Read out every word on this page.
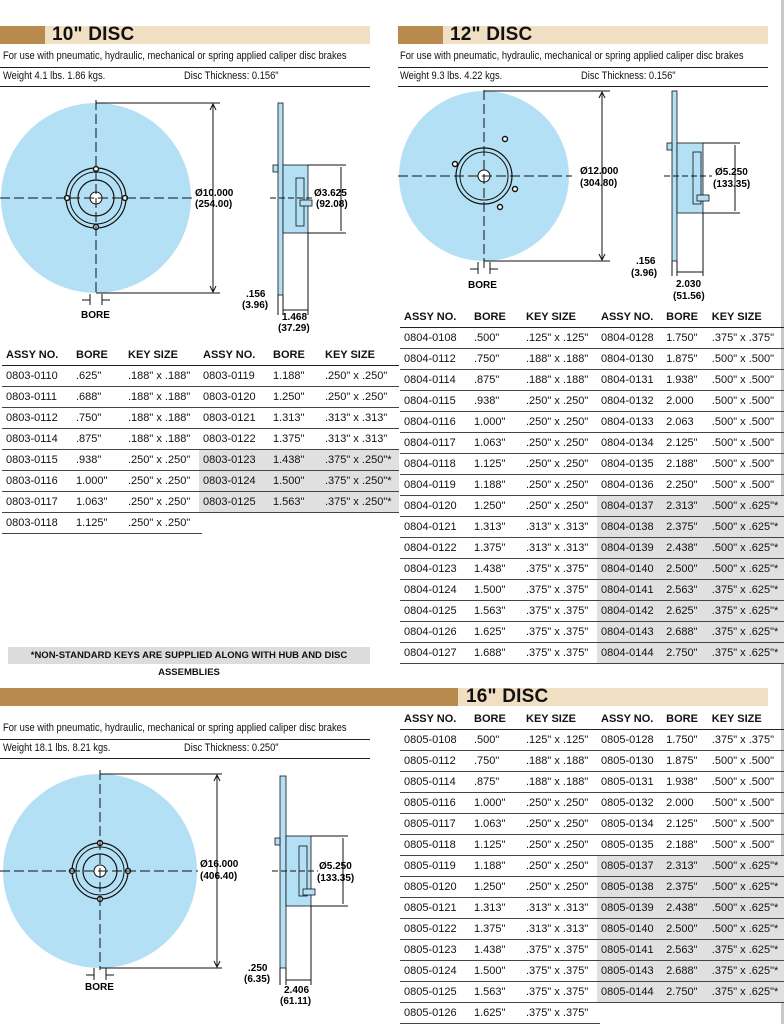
10" DISC
For use with pneumatic, hydraulic, mechanical or spring applied caliper disc brakes
Weight 4.1 lbs. 1.86 kgs.	Disc Thickness: 0.156"
Ø10.000
(254.00)
BORE
Ø3.625
(92.08)
.156
(3.96)
1.468
(37.29)
ASSY NO.	BORE	KEY SIZE
0803-0110	.625"	.188" x .188"
0803-0111	.688"	.188" x .188"
0803-0112	.750"	.188" x .188"
0803-0114	.875"	.188" x .188"
0803-0115	.938"	.250" x .250"
0803-0116	1.000"	.250" x .250"
0803-0117	1.063"	.250" x .250"
0803-0118	1.125"	.250" x .250"
ASSY NO.	BORE	KEY SIZE
0803-0119	1.188"	.250" x .250"
0803-0120	1.250"	.250" x .250"
0803-0121	1.313"	.313" x .313"
0803-0122	1.375"	.313" x .313"
0803-0123	1.438"	.375" x .250"*
0803-0124	1.500"	.375" x .250"*
0803-0125	1.563"	.375" x .250"*
*NON-STANDARD KEYS ARE SUPPLIED ALONG WITH HUB AND DISC ASSEMBLIES
12" DISC
For use with pneumatic, hydraulic, mechanical or spring applied caliper disc brakes
Weight 9.3 lbs. 4.22 kgs.	Disc Thickness: 0.156"
Ø12.000
(304.80)
BORE
Ø5.250
(133.35)
.156
(3.96)
2.030
(51.56)
ASSY NO.	BORE	KEY SIZE
0804-0108	.500"	.125" x .125"
0804-0112	.750"	.188" x .188"
0804-0114	.875"	.188" x .188"
0804-0115	.938"	.250" x .250"
0804-0116	1.000"	.250" x .250"
0804-0117	1.063"	.250" x .250"
0804-0118	1.125"	.250" x .250"
0804-0119	1.188"	.250" x .250"
0804-0120	1.250"	.250" x .250"
0804-0121	1.313"	.313" x .313"
0804-0122	1.375"	.313" x .313"
0804-0123	1.438"	.375" x .375"
0804-0124	1.500"	.375" x .375"
0804-0125	1.563"	.375" x .375"
0804-0126	1.625"	.375" x .375"
0804-0127	1.688"	.375" x .375"
ASSY NO.	BORE	KEY SIZE
0804-0128	1.750"	.375" x .375"
0804-0130	1.875"	.500" x .500"
0804-0131	1.938"	.500" x .500"
0804-0132	2.000	.500" x .500"
0804-0133	2.063	.500" x .500"
0804-0134	2.125"	.500" x .500"
0804-0135	2.188"	.500" x .500"
0804-0136	2.250"	.500" x .500"
0804-0137	2.313"	.500" x .625"*
0804-0138	2.375"	.500" x .625"*
0804-0139	2.438"	.500" x .625"*
0804-0140	2.500"	.500" x .625"*
0804-0141	2.563"	.375" x .625"*
0804-0142	2.625"	.375" x .625"*
0804-0143	2.688"	.375" x .625"*
0804-0144	2.750"	.375" x .625"*
16" DISC
For use with pneumatic, hydraulic, mechanical or spring applied caliper disc brakes
Weight 18.1 lbs. 8.21 kgs.	Disc Thickness: 0.250"
Ø16.000
(406.40)
BORE
Ø5.250
(133.35)
.250
(6.35)
2.406
(61.11)
ASSY NO.	BORE	KEY SIZE
0805-0108	.500"	.125" x .125"
0805-0112	.750"	.188" x .188"
0805-0114	.875"	.188" x .188"
0805-0116	1.000"	.250" x .250"
0805-0117	1.063"	.250" x .250"
0805-0118	1.125"	.250" x .250"
0805-0119	1.188"	.250" x .250"
0805-0120	1.250"	.250" x .250"
0805-0121	1.313"	.313" x .313"
0805-0122	1.375"	.313" x .313"
0805-0123	1.438"	.375" x .375"
0805-0124	1.500"	.375" x .375"
0805-0125	1.563"	.375" x .375"
0805-0126	1.625"	.375" x .375"
ASSY NO.	BORE	KEY SIZE
0805-0128	1.750"	.375" x .375"
0805-0130	1.875"	.500" x .500"
0805-0131	1.938"	.500" x .500"
0805-0132	2.000	.500" x .500"
0805-0134	2.125"	.500" x .500"
0805-0135	2.188"	.500" x .500"
0805-0137	2.313"	.500" x .625"*
0805-0138	2.375"	.500" x .625"*
0805-0139	2.438"	.500" x .625"*
0805-0140	2.500"	.500" x .625"*
0805-0141	2.563"	.375" x .625"*
0805-0143	2.688"	.375" x .625"*
0805-0144	2.750"	.375" x .625"*
